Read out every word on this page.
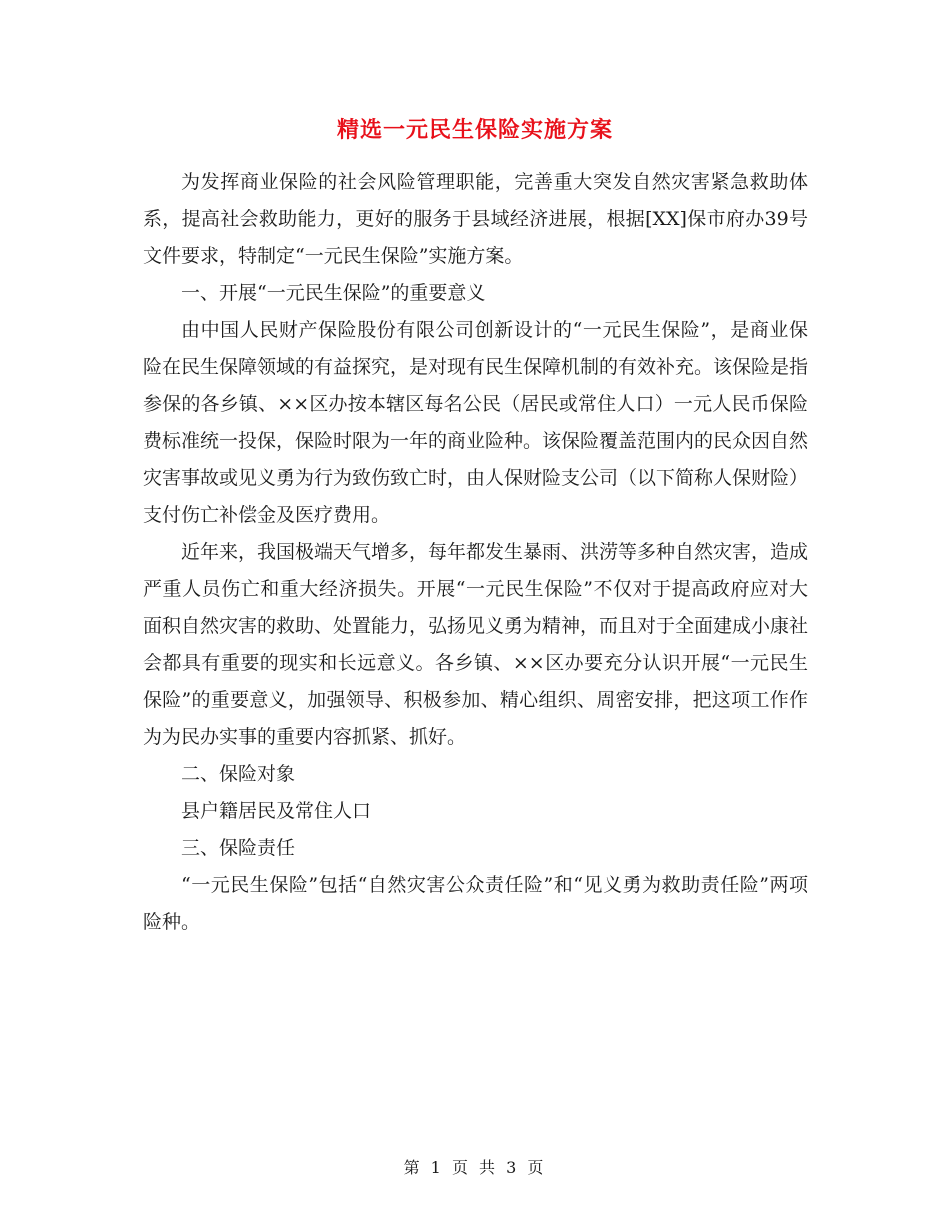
精选一元民生保险实施方案

为发挥商业保险的社会风险管理职能，完善重大突发自然灾害紧急救助体系，提高社会救助能力，更好的服务于县域经济进展，根据[XX]保市府办39号文件要求，特制定“一元民生保险”实施方案。

一、开展“一元民生保险”的重要意义

由中国人民财产保险股份有限公司创新设计的“一元民生保险”，是商业保险在民生保障领域的有益探究，是对现有民生保障机制的有效补充。该保险是指参保的各乡镇、××区办按本辖区每名公民（居民或常住人口）一元人民币保险费标准统一投保，保险时限为一年的商业险种。该保险覆盖范围内的民众因自然灾害事故或见义勇为行为致伤致亡时，由人保财险支公司（以下简称人保财险）支付伤亡补偿金及医疗费用。

近年来，我国极端天气增多，每年都发生暴雨、洪涝等多种自然灾害，造成严重人员伤亡和重大经济损失。开展“一元民生保险”不仅对于提高政府应对大面积自然灾害的救助、处置能力，弘扬见义勇为精神，而且对于全面建成小康社会都具有重要的现实和长远意义。各乡镇、××区办要充分认识开展“一元民生保险”的重要意义，加强领导、积极参加、精心组织、周密安排，把这项工作作为为民办实事的重要内容抓紧、抓好。

二、保险对象

县户籍居民及常住人口

三、保险责任

“一元民生保险”包括“自然灾害公众责任险”和“见义勇为救助责任险”两项险种。

第 1 页 共 3 页
